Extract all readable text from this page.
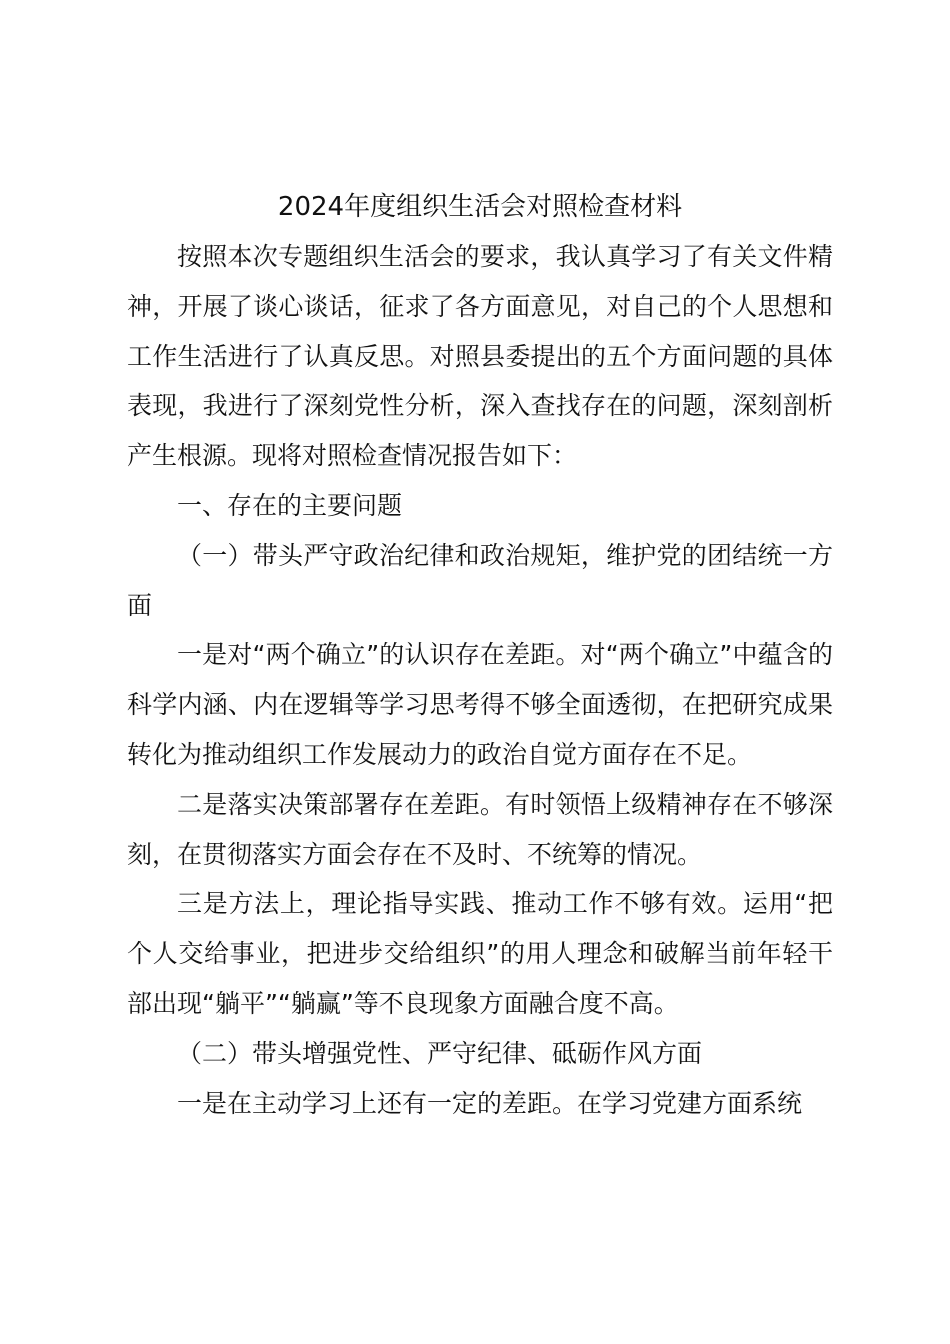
2024年度组织生活会对照检查材料

按照本次专题组织生活会的要求，我认真学习了有关文件精神，开展了谈心谈话，征求了各方面意见，对自己的个人思想和工作生活进行了认真反思。对照县委提出的五个方面问题的具体表现，我进行了深刻党性分析，深入查找存在的问题，深刻剖析产生根源。现将对照检查情况报告如下：

一、存在的主要问题

（一）带头严守政治纪律和政治规矩，维护党的团结统一方面

一是对“两个确立”的认识存在差距。对“两个确立”中蕴含的科学内涵、内在逻辑等学习思考得不够全面透彻，在把研究成果转化为推动组织工作发展动力的政治自觉方面存在不足。

二是落实决策部署存在差距。有时领悟上级精神存在不够深刻，在贯彻落实方面会存在不及时、不统筹的情况。

三是方法上，理论指导实践、推动工作不够有效。运用“把个人交给事业，把进步交给组织”的用人理念和破解当前年轻干部出现“躺平”“躺赢”等不良现象方面融合度不高。

（二）带头增强党性、严守纪律、砥砺作风方面

一是在主动学习上还有一定的差距。在学习党建方面系统
